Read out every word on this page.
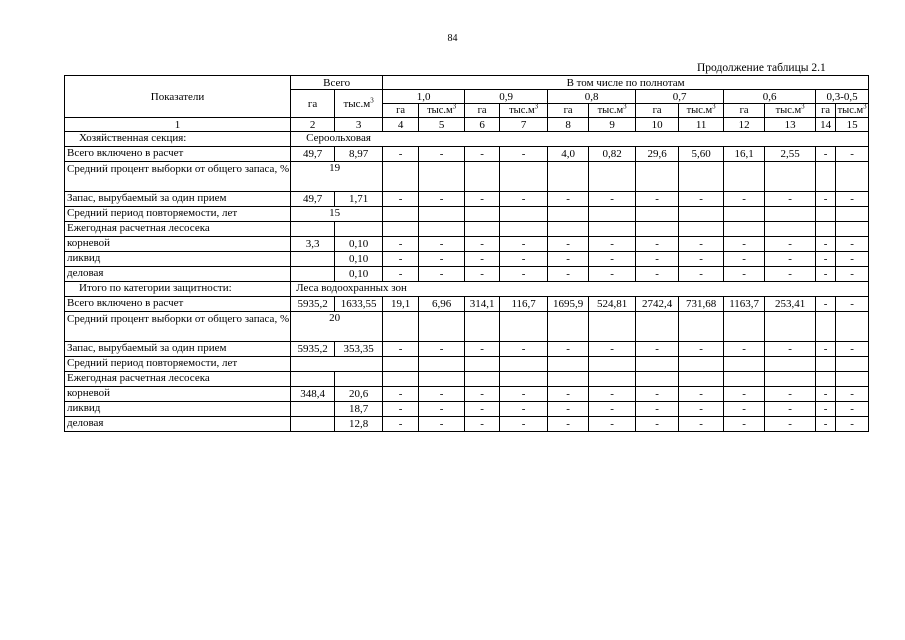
84
Продолжение таблицы 2.1
Показатели	Всего		В том числе по полнотам											
	га	$тыс.м^3$	1,0		0,9		0,8		0,7		0,6		0,3-0,5	
			га	$тыс.м^3$	га	$тыс.м^3$	га	$тыс.м^3$	га	$тыс.м^3$	га	$тыс.м^3$	га	$тыс.м^3$
1	2	3	4	5	6	7	8	9	10	11	12	13	14	15
Хозяйственная секция:	Сероольховая													
Всего включено в расчет	49,7	8,97	-	-	-	-	4,0	0,82	29,6	5,60	16,1	2,55	-	-
Средний процент выборки от общего запаса, %	19													
Запас, вырубаемый за один прием	49,7	1,71	-	-	-	-	-	-	-	-	-	-	-	-
Средний период повторяемости, лет	15													
Ежегодная расчетная лесосека														
корневой	3,3	0,10	-	-	-	-	-	-	-	-	-	-	-	-
ликвид		0,10	-	-	-	-	-	-	-	-	-	-	-	-
деловая		0,10	-	-	-	-	-	-	-	-	-	-	-	-
Итого по категории защитности:	Леса водоохранных зон													
Всего включено в расчет	5935,2	1633,55	19,1	6,96	314,1	116,7	1695,9	524,81	2742,4	731,68	1163,7	253,41	-	-
Средний процент выборки от общего запаса, %	20													
Запас, вырубаемый за один прием	5935,2	353,35	-	-	-	-	-	-	-	-	-	-	-	-
Средний период повторяемости, лет														
Ежегодная расчетная лесосека														
корневой	348,4	20,6	-	-	-	-	-	-	-	-	-	-	-	-
ликвид		18,7	-	-	-	-	-	-	-	-	-	-	-	-
деловая		12,8	-	-	-	-	-	-	-	-	-	-	-	-
